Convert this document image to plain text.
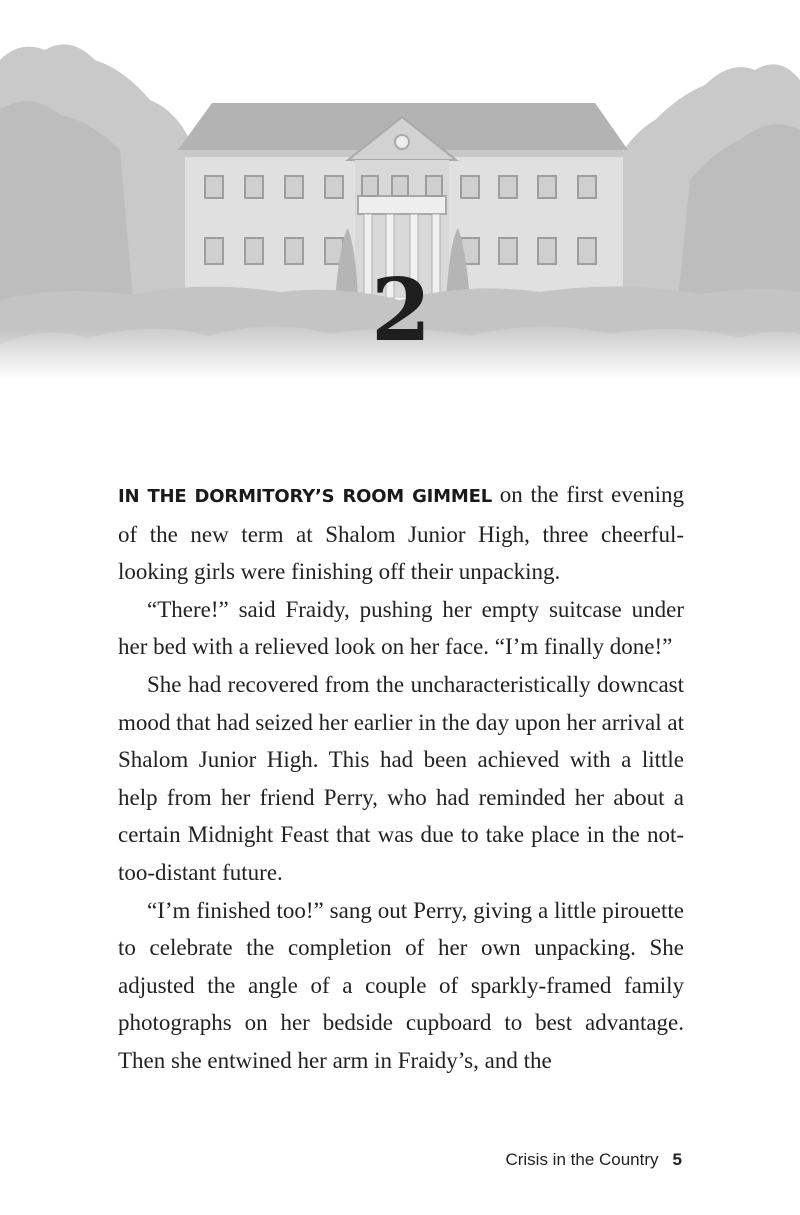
2

IN THE DORMITORY’S ROOM GIMMEL on the first evening of the new term at Shalom Junior High, three cheerful-looking girls were finishing off their unpacking.

“There!” said Fraidy, pushing her empty suitcase under her bed with a relieved look on her face. “I’m finally done!”

She had recovered from the uncharacteristically downcast mood that had seized her earlier in the day upon her arrival at Shalom Junior High. This had been achieved with a little help from her friend Perry, who had reminded her about a certain Midnight Feast that was due to take place in the not-too-distant future.

“I’m finished too!” sang out Perry, giving a little pirouette to celebrate the completion of her own unpacking. She adjusted the angle of a couple of sparkly-framed family photographs on her bedside cupboard to best advantage. Then she entwined her arm in Fraidy’s, and the

Crisis in the Country 5
